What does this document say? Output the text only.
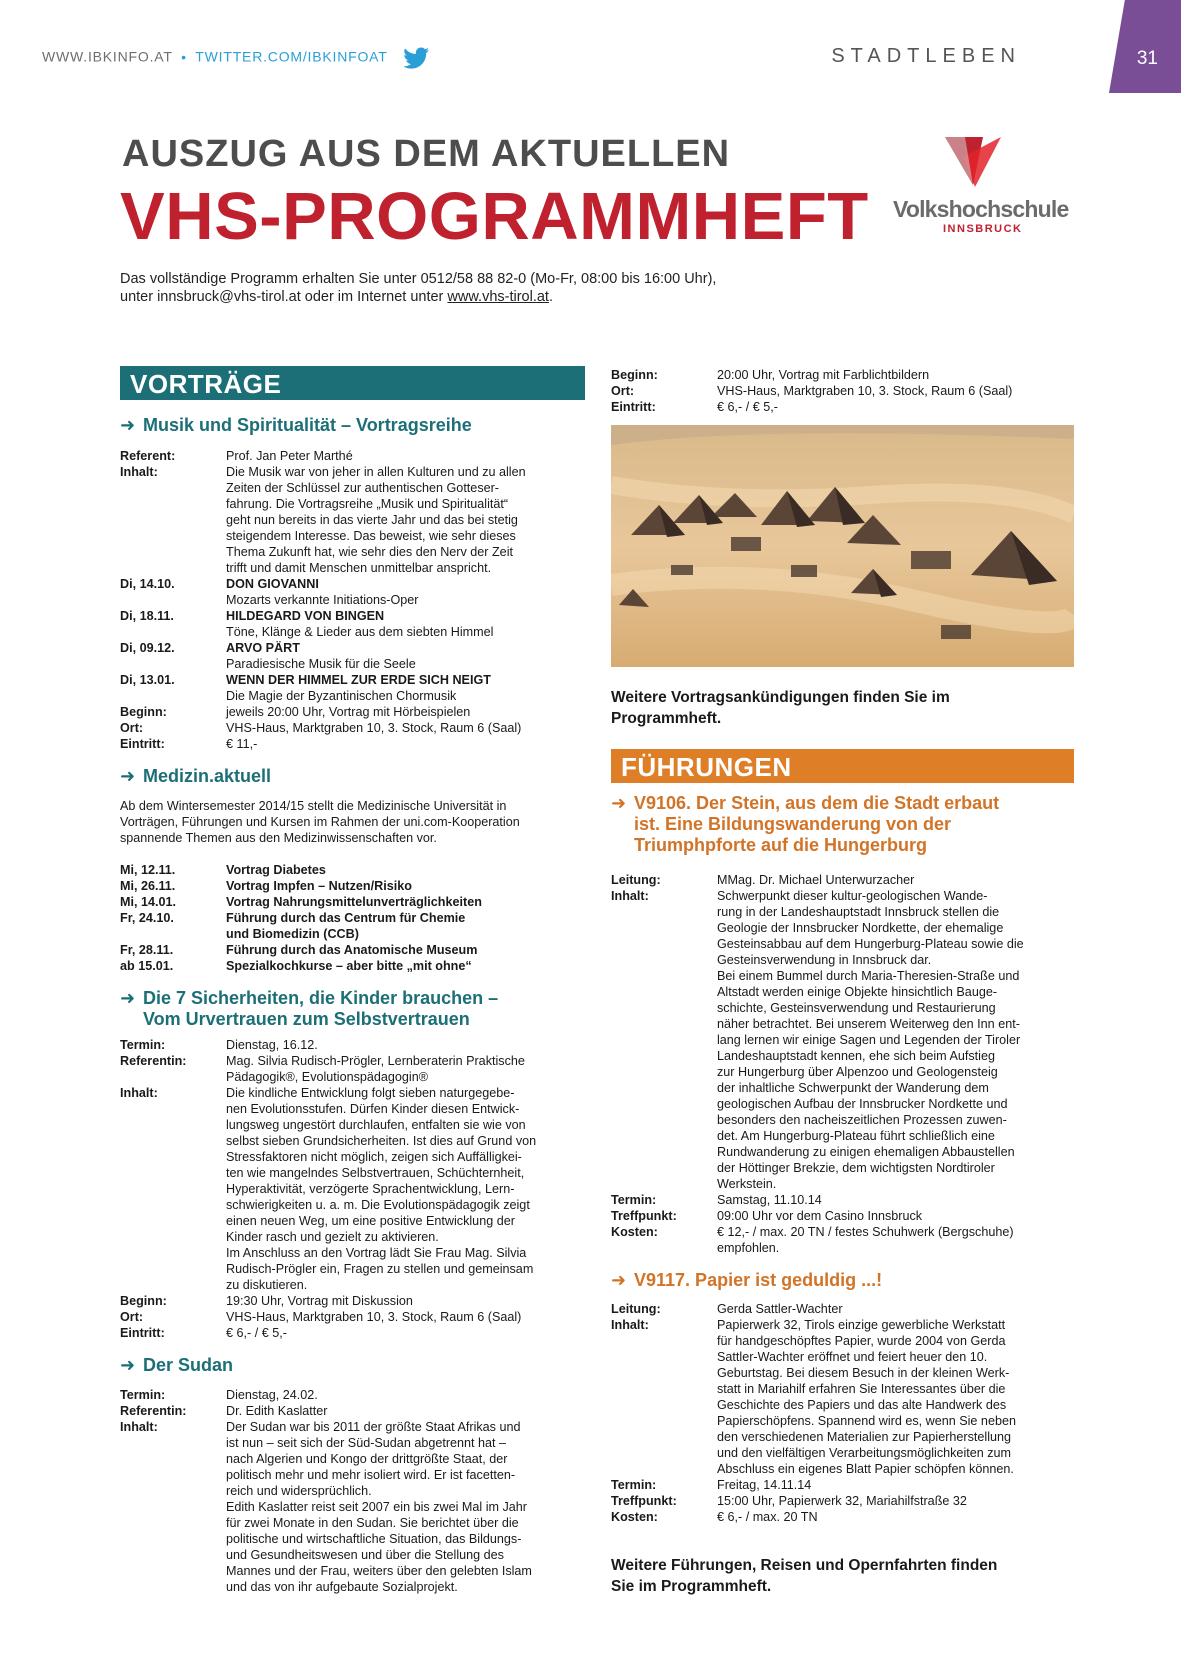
WWW.IBKINFO.AT • TWITTER.COM/IBKINFOAT	STADTLEBEN	31
AUSZUG AUS DEM AKTUELLEN
VHS-PROGRAMMHEFT Volkshochschule
INNSBRUCK
Das vollständige Programm erhalten Sie unter 0512/58 88 82-0 (Mo-Fr, 08:00 bis 16:00 Uhr),
unter innsbruck@vhs-tirol.at oder im Internet unter www.vhs-tirol.at.
VORTRÄGE
➜ Musik und Spiritualität – Vortragsreihe
Referent:	Prof. Jan Peter Marthé
Inhalt:	Die Musik war von jeher in allen Kulturen und zu allen
Zeiten der Schlüssel zur authentischen Gotteser-
fahrung. Die Vortragsreihe „Musik und Spiritualität“
geht nun bereits in das vierte Jahr und das bei stetig
steigendem Interesse. Das beweist, wie sehr dieses
Thema Zukunft hat, wie sehr dies den Nerv der Zeit
trifft und damit Menschen unmittelbar anspricht.
Di, 14.10.	DON GIOVANNI
Mozarts verkannte Initiations-Oper
Di, 18.11.	HILDEGARD VON BINGEN
Töne, Klänge & Lieder aus dem siebten Himmel
Di, 09.12.	ARVO PÄRT
Paradiesische Musik für die Seele
Di, 13.01.	WENN DER HIMMEL ZUR ERDE SICH NEIGT
Die Magie der Byzantinischen Chormusik
Beginn:	jeweils 20:00 Uhr, Vortrag mit Hörbeispielen
Ort:	VHS-Haus, Marktgraben 10, 3. Stock, Raum 6 (Saal)
Eintritt:	€ 11,-
➜ Medizin.aktuell
Ab dem Wintersemester 2014/15 stellt die Medizinische Universität in
Vorträgen, Führungen und Kursen im Rahmen der uni.com-Kooperation
spannende Themen aus den Medizinwissenschaften vor.
Mi, 12.11.	Vortrag Diabetes
Mi, 26.11.	Vortrag Impfen – Nutzen/Risiko
Mi, 14.01.	Vortrag Nahrungsmittelunverträglichkeiten
Fr, 24.10.	Führung durch das Centrum für Chemie
und Biomedizin (CCB)
Fr, 28.11.	Führung durch das Anatomische Museum
ab 15.01.	Spezialkochkurse – aber bitte „mit ohne“
➜ Die 7 Sicherheiten, die Kinder brauchen –
Vom Urvertrauen zum Selbstvertrauen
Termin:	Dienstag, 16.12.
Referentin:	Mag. Silvia Rudisch-Prögler, Lernberaterin Praktische
Pädagogik®, Evolutionspädagogin®
Inhalt:	Die kindliche Entwicklung folgt sieben naturgegebe-
nen Evolutionsstufen. Dürfen Kinder diesen Entwick-
lungsweg ungestört durchlaufen, entfalten sie wie von
selbst sieben Grundsicherheiten. Ist dies auf Grund von
Stressfaktoren nicht möglich, zeigen sich Auffälligkei-
ten wie mangelndes Selbstvertrauen, Schüchternheit,
Hyperaktivität, verzögerte Sprachentwicklung, Lern-
schwierigkeiten u. a. m. Die Evolutionspädagogik zeigt
einen neuen Weg, um eine positive Entwicklung der
Kinder rasch und gezielt zu aktivieren.
Im Anschluss an den Vortrag lädt Sie Frau Mag. Silvia
Rudisch-Prögler ein, Fragen zu stellen und gemeinsam
zu diskutieren.
Beginn:	19:30 Uhr, Vortrag mit Diskussion
Ort:	VHS-Haus, Marktgraben 10, 3. Stock, Raum 6 (Saal)
Eintritt:	€ 6,- / € 5,-
➜ Der Sudan
Termin:	Dienstag, 24.02.
Referentin:	Dr. Edith Kaslatter
Inhalt:	Der Sudan war bis 2011 der größte Staat Afrikas und
ist nun – seit sich der Süd-Sudan abgetrennt hat –
nach Algerien und Kongo der drittgrößte Staat, der
politisch mehr und mehr isoliert wird. Er ist facetten-
reich und widersprüchlich.
Edith Kaslatter reist seit 2007 ein bis zwei Mal im Jahr
für zwei Monate in den Sudan. Sie berichtet über die
politische und wirtschaftliche Situation, das Bildungs-
und Gesundheitswesen und über die Stellung des
Mannes und der Frau, weiters über den gelebten Islam
und das von ihr aufgebaute Sozialprojekt.
Beginn:	20:00 Uhr, Vortrag mit Farblichtbildern
Ort:	VHS-Haus, Marktgraben 10, 3. Stock, Raum 6 (Saal)
Eintritt:	€ 6,- / € 5,-
Weitere Vortragsankündigungen finden Sie im
Programmheft.
FÜHRUNGEN
➜ V9106. Der Stein, aus dem die Stadt erbaut
ist. Eine Bildungswanderung von der
Triumphpforte auf die Hungerburg
Leitung:	MMag. Dr. Michael Unterwurzacher
Inhalt:	Schwerpunkt dieser kultur-geologischen Wande-
rung in der Landeshauptstadt Innsbruck stellen die
Geologie der Innsbrucker Nordkette, der ehemalige
Gesteinsabbau auf dem Hungerburg-Plateau sowie die
Gesteinsverwendung in Innsbruck dar.
Bei einem Bummel durch Maria-Theresien-Straße und
Altstadt werden einige Objekte hinsichtlich Bauge-
schichte, Gesteinsverwendung und Restaurierung
näher betrachtet. Bei unserem Weiterweg den Inn ent-
lang lernen wir einige Sagen und Legenden der Tiroler
Landeshauptstadt kennen, ehe sich beim Aufstieg
zur Hungerburg über Alpenzoo und Geologensteig
der inhaltliche Schwerpunkt der Wanderung dem
geologischen Aufbau der Innsbrucker Nordkette und
besonders den nacheiszeitlichen Prozessen zuwen-
det. Am Hungerburg-Plateau führt schließlich eine
Rundwanderung zu einigen ehemaligen Abbaustellen
der Höttinger Brekzie, dem wichtigsten Nordtiroler
Werkstein.
Termin:	Samstag, 11.10.14
Treffpunkt:	09:00 Uhr vor dem Casino Innsbruck
Kosten:	€ 12,- / max. 20 TN / festes Schuhwerk (Bergschuhe)
empfohlen.
➜ V9117. Papier ist geduldig ...!
Leitung:	Gerda Sattler-Wachter
Inhalt:	Papierwerk 32, Tirols einzige gewerbliche Werkstatt
für handgeschöpftes Papier, wurde 2004 von Gerda
Sattler-Wachter eröffnet und feiert heuer den 10.
Geburtstag. Bei diesem Besuch in der kleinen Werk-
statt in Mariahilf erfahren Sie Interessantes über die
Geschichte des Papiers und das alte Handwerk des
Papierschöpfens. Spannend wird es, wenn Sie neben
den verschiedenen Materialien zur Papierherstellung
und den vielfältigen Verarbeitungsmöglichkeiten zum
Abschluss ein eigenes Blatt Papier schöpfen können.
Termin:	Freitag, 14.11.14
Treffpunkt:	15:00 Uhr, Papierwerk 32, Mariahilfstraße 32
Kosten:	€ 6,- / max. 20 TN
Weitere Führungen, Reisen und Opernfahrten finden
Sie im Programmheft.
